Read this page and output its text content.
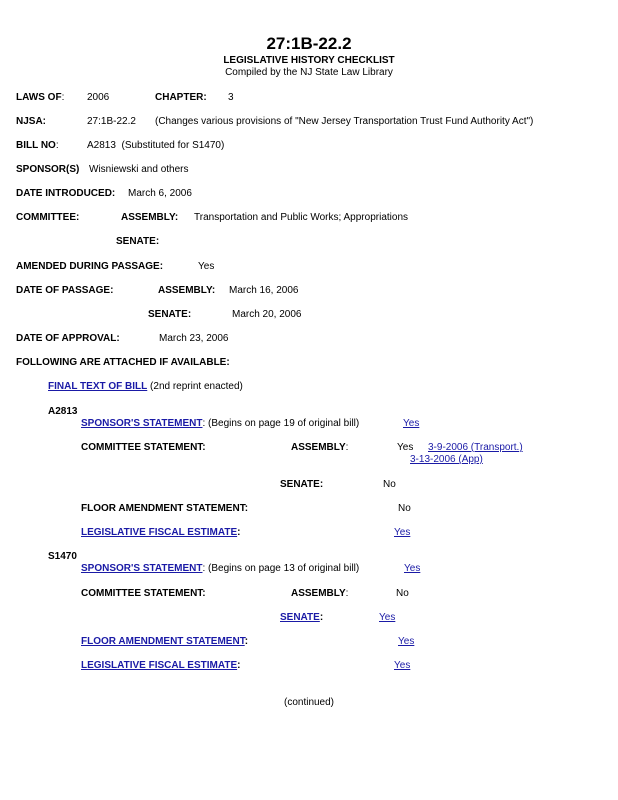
27:1B-22.2
LEGISLATIVE HISTORY CHECKLIST
Compiled by the NJ State Law Library
LAWS OF: 2006	CHAPTER: 3
NJSA:	27:1B-22.2 (Changes various provisions of "New Jersey Transportation Trust Fund Authority Act")
BILL NO:	A2813 (Substituted for S1470)
SPONSOR(S) Wisniewski and others
DATE INTRODUCED: March 6, 2006
COMMITTEE:	ASSEMBLY: Transportation and Public Works; Appropriations
SENATE:
AMENDED DURING PASSAGE:	Yes
DATE OF PASSAGE:	ASSEMBLY: March 16, 2006
SENATE:	March 20, 2006
DATE OF APPROVAL:	March 23, 2006
FOLLOWING ARE ATTACHED IF AVAILABLE:
FINAL TEXT OF BILL (2nd reprint enacted)
A2813
SPONSOR'S STATEMENT: (Begins on page 19 of original bill)	Yes
COMMITTEE STATEMENT:	ASSEMBLY:	Yes 3-9-2006 (Transport.)
3-13-2006 (App)
SENATE:	No
FLOOR AMENDMENT STATEMENT:	No
LEGISLATIVE FISCAL ESTIMATE:	Yes
S1470
SPONSOR'S STATEMENT: (Begins on page 13 of original bill)	Yes
COMMITTEE STATEMENT:	ASSEMBLY:	No
SENATE:	Yes
FLOOR AMENDMENT STATEMENT:	Yes
LEGISLATIVE FISCAL ESTIMATE:	Yes
(continued)
